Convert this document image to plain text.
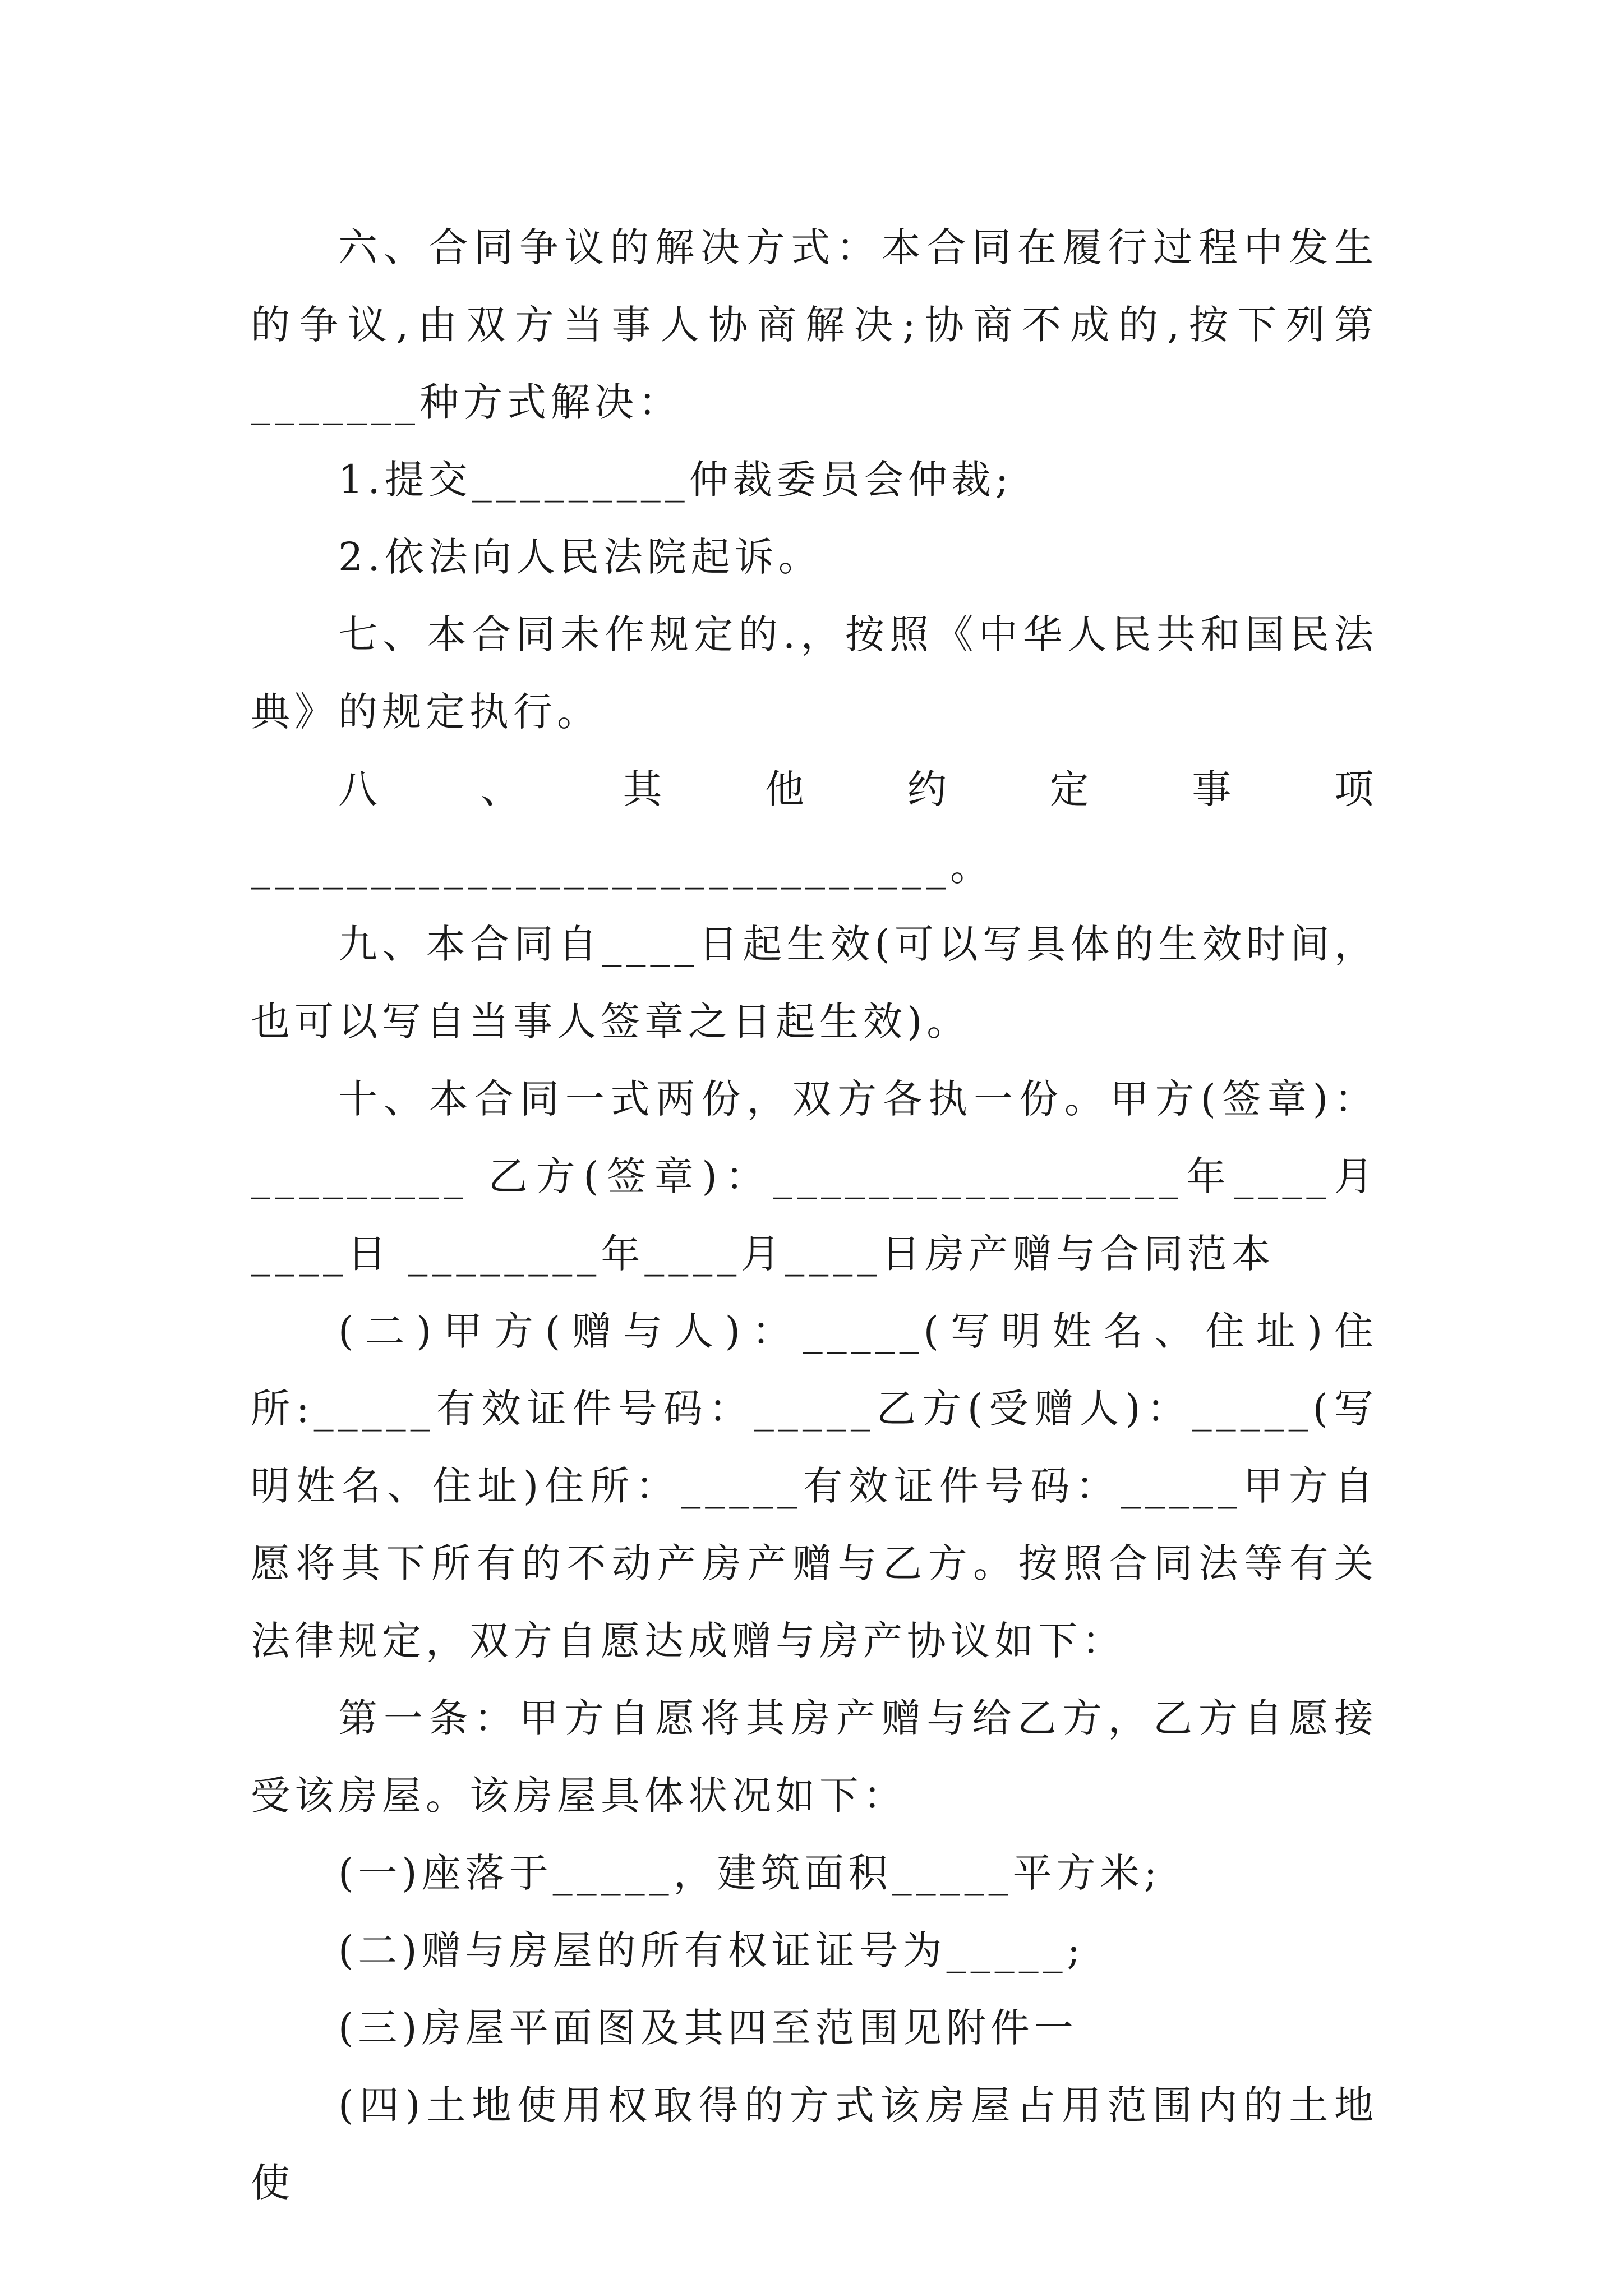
六、合同争议的解决方式：本合同在履行过程中发生的争议,由双方当事人协商解决;协商不成的,按下列第_______种方式解决：

1.提交_________仲裁委员会仲裁;

2.依法向人民法院起诉。

七、本合同未作规定的.，按照《中华人民共和国民法典》的规定执行。

八、其他约定事项_____________________________。

九、本合同自____日起生效(可以写具体的生效时间，也可以写自当事人签章之日起生效)。

十、本合同一式两份，双方各执一份。甲方(签章)：_________ 乙方(签章)：_________________年____月____日 ________年____月____日房产赠与合同范本

(二)甲方(赠与人)：_____(写明姓名、住址)住所:_____有效证件号码：_____乙方(受赠人)：_____(写明姓名、住址)住所：_____有效证件号码：_____甲方自愿将其下所有的不动产房产赠与乙方。按照合同法等有关法律规定，双方自愿达成赠与房产协议如下：

第一条：甲方自愿将其房产赠与给乙方，乙方自愿接受该房屋。该房屋具体状况如下：

(一)座落于_____，建筑面积_____平方米;

(二)赠与房屋的所有权证证号为_____;

(三)房屋平面图及其四至范围见附件一

(四)土地使用权取得的方式该房屋占用范围内的土地使
